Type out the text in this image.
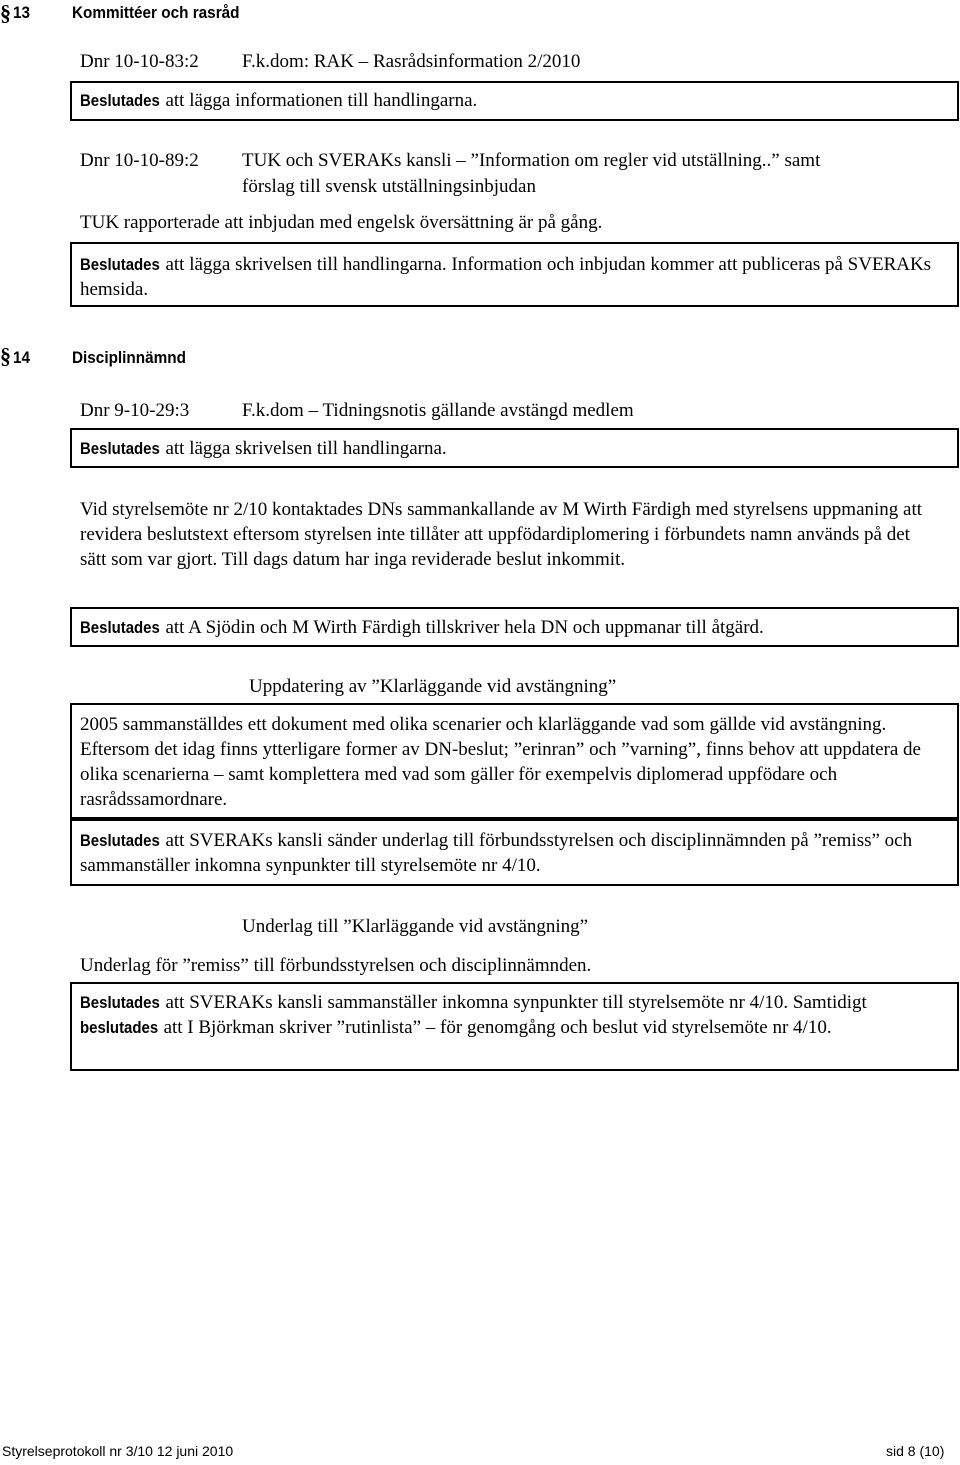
§ 13 Kommittéer och rasråd
Dnr 10-10-83:2 F.k.dom: RAK – Rasrådsinformation 2/2010
Beslutades att lägga informationen till handlingarna.
Dnr 10-10-89:2 TUK och SVERAKs kansli – ”Information om regler vid utställning..” samt
förslag till svensk utställningsinbjudan
TUK rapporterade att inbjudan med engelsk översättning är på gång.
Beslutades att lägga skrivelsen till handlingarna. Information och inbjudan kommer att publiceras på SVERAKs hemsida.
§ 14 Disciplinnämnd
Dnr 9-10-29:3	F.k.dom – Tidningsnotis gällande avstängd medlem
Beslutades att lägga skrivelsen till handlingarna.
Vid styrelsemöte nr 2/10 kontaktades DNs sammankallande av M Wirth Färdigh med styrelsens uppmaning att revidera beslutstext eftersom styrelsen inte tillåter att uppfödardiplomering i förbundets namn används på det sätt som var gjort. Till dags datum har inga reviderade beslut inkommit.
Beslutades att A Sjödin och M Wirth Färdigh tillskriver hela DN och uppmanar till åtgärd.
Uppdatering av ”Klarläggande vid avstängning”
2005 sammanställdes ett dokument med olika scenarier och klarläggande vad som gällde vid avstängning. Eftersom det idag finns ytterligare former av DN-beslut; ”erinran” och ”varning”, finns behov att uppdatera de olika scenarierna – samt komplettera med vad som gäller för exempelvis diplomerad uppfödare och rasrådssamordnare.
Beslutades att SVERAKs kansli sänder underlag till förbundsstyrelsen och disciplinnämnden på ”remiss” och sammanställer inkomna synpunkter till styrelsemöte nr 4/10.
Underlag till ”Klarläggande vid avstängning”
Underlag för ”remiss” till förbundsstyrelsen och disciplinnämnden.
Beslutades att SVERAKs kansli sammanställer inkomna synpunkter till styrelsemöte nr 4/10. Samtidigt beslutades att I Björkman skriver ”rutinlista” – för genomgång och beslut vid styrelsemöte nr 4/10.
Styrelseprotokoll nr 3/10 12 juni 2010	sid 8 (10)
